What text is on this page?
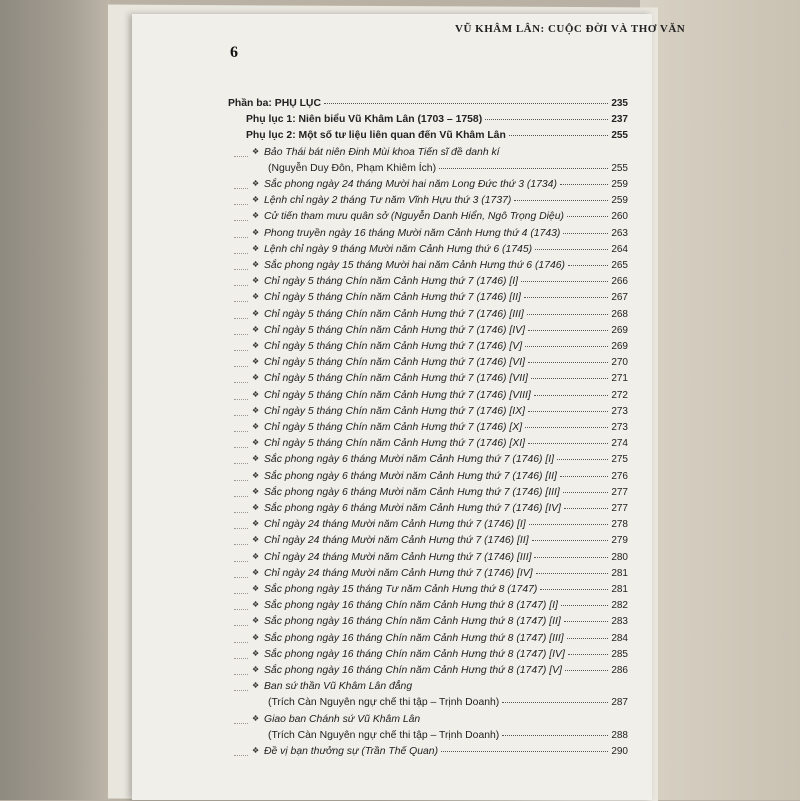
VŨ KHÂM LÂN: CUỘC ĐỜI VÀ THƠ VĂN
6
Phần ba: PHỤ LỤC	235
Phụ lục 1: Niên biểu Vũ Khâm Lân (1703 – 1758)	237
Phụ lục 2: Một số tư liệu liên quan đến Vũ Khâm Lân	255
❖ Bảo Thái bát niên Đinh Mùi khoa Tiến sĩ đề danh kí
(Nguyễn Duy Đôn, Phạm Khiêm Ích)	255
❖ Sắc phong ngày 24 tháng Mười hai năm Long Đức thứ 3 (1734)	259
❖ Lệnh chỉ ngày 2 tháng Tư năm Vĩnh Hựu thứ 3 (1737)	259
❖ Cử tiến tham mưu quân sở (Nguyễn Danh Hiển, Ngô Trọng Diệu)	260
❖ Phong truyền ngày 16 tháng Mười năm Cảnh Hưng thứ 4 (1743)	263
❖ Lệnh chỉ ngày 9 tháng Mười năm Cảnh Hưng thứ 6 (1745)	264
❖ Sắc phong ngày 15 tháng Mười hai năm Cảnh Hưng thứ 6 (1746)	265
❖ Chỉ ngày 5 tháng Chín năm Cảnh Hưng thứ 7 (1746) [I]	266
❖ Chỉ ngày 5 tháng Chín năm Cảnh Hưng thứ 7 (1746) [II]	267
❖ Chỉ ngày 5 tháng Chín năm Cảnh Hưng thứ 7 (1746) [III]	268
❖ Chỉ ngày 5 tháng Chín năm Cảnh Hưng thứ 7 (1746) [IV]	269
❖ Chỉ ngày 5 tháng Chín năm Cảnh Hưng thứ 7 (1746) [V]	269
❖ Chỉ ngày 5 tháng Chín năm Cảnh Hưng thứ 7 (1746) [VI]	270
❖ Chỉ ngày 5 tháng Chín năm Cảnh Hưng thứ 7 (1746) [VII]	271
❖ Chỉ ngày 5 tháng Chín năm Cảnh Hưng thứ 7 (1746) [VIII]	272
❖ Chỉ ngày 5 tháng Chín năm Cảnh Hưng thứ 7 (1746) [IX]	273
❖ Chỉ ngày 5 tháng Chín năm Cảnh Hưng thứ 7 (1746) [X]	273
❖ Chỉ ngày 5 tháng Chín năm Cảnh Hưng thứ 7 (1746) [XI]	274
❖ Sắc phong ngày 6 tháng Mười năm Cảnh Hưng thứ 7 (1746) [I]	275
❖ Sắc phong ngày 6 tháng Mười năm Cảnh Hưng thứ 7 (1746) [II]	276
❖ Sắc phong ngày 6 tháng Mười năm Cảnh Hưng thứ 7 (1746) [III]	277
❖ Sắc phong ngày 6 tháng Mười năm Cảnh Hưng thứ 7 (1746) [IV]	277
❖ Chỉ ngày 24 tháng Mười năm Cảnh Hưng thứ 7 (1746) [I]	278
❖ Chỉ ngày 24 tháng Mười năm Cảnh Hưng thứ 7 (1746) [II]	279
❖ Chỉ ngày 24 tháng Mười năm Cảnh Hưng thứ 7 (1746) [III]	280
❖ Chỉ ngày 24 tháng Mười năm Cảnh Hưng thứ 7 (1746) [IV]	281
❖ Sắc phong ngày 15 tháng Tư năm Cảnh Hưng thứ 8 (1747)	281
❖ Sắc phong ngày 16 tháng Chín năm Cảnh Hưng thứ 8 (1747) [I]	282
❖ Sắc phong ngày 16 tháng Chín năm Cảnh Hưng thứ 8 (1747) [II]	283
❖ Sắc phong ngày 16 tháng Chín năm Cảnh Hưng thứ 8 (1747) [III]	284
❖ Sắc phong ngày 16 tháng Chín năm Cảnh Hưng thứ 8 (1747) [IV]	285
❖ Sắc phong ngày 16 tháng Chín năm Cảnh Hưng thứ 8 (1747) [V]	286
❖ Ban sứ thần Vũ Khâm Lân đẳng
(Trích Càn Nguyên ngự chế thi tập – Trịnh Doanh)	287
❖ Giao ban Chánh sứ Vũ Khâm Lân
(Trích Càn Nguyên ngự chế thi tập – Trịnh Doanh)	288
❖ Đề vị bạn thưởng sự (Trần Thế Quan)	290
